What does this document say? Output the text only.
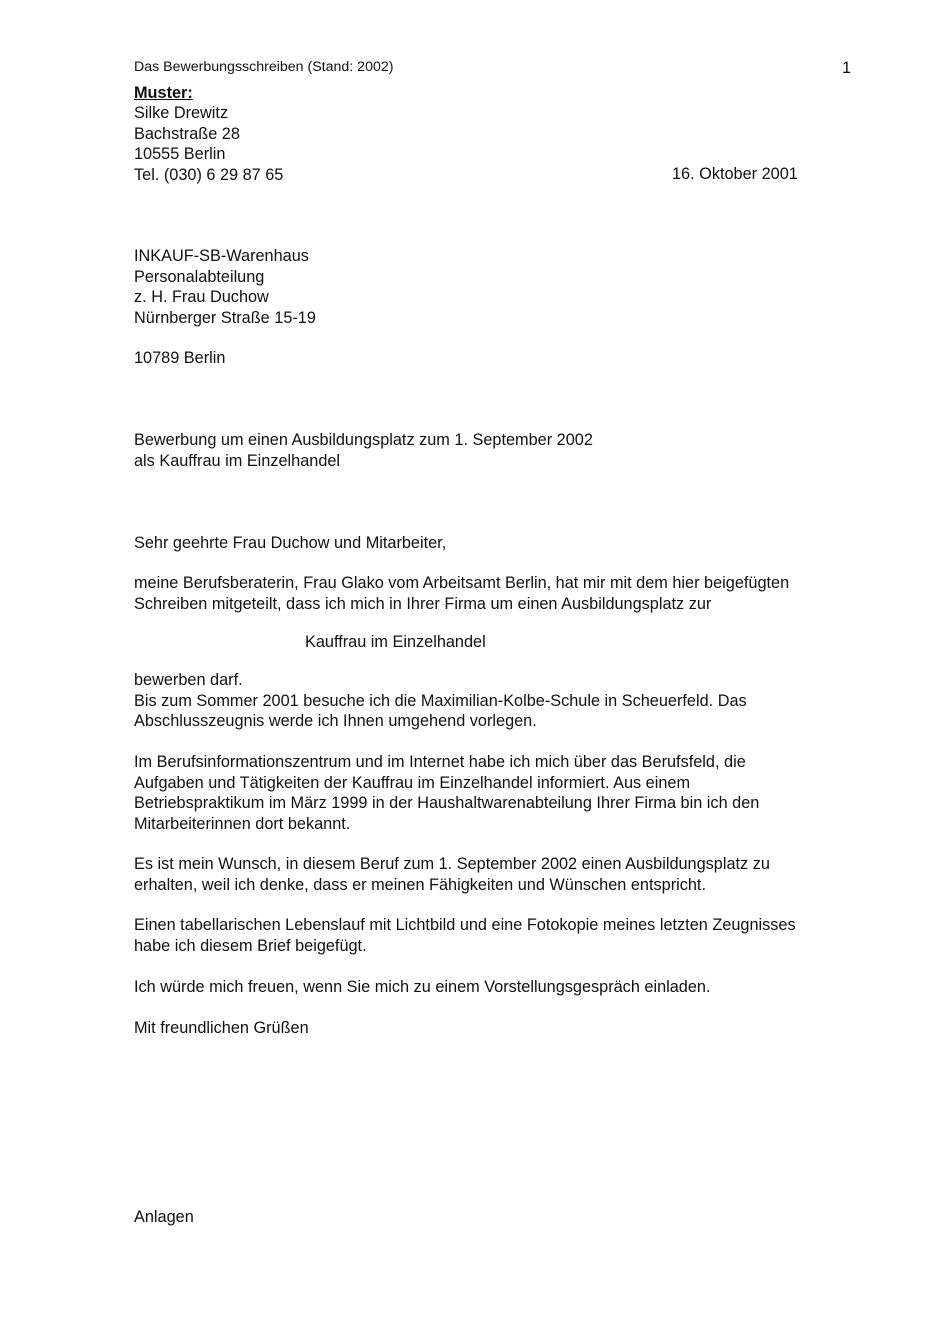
Das Bewerbungsschreiben (Stand: 2002)	1
Muster:
Silke Drewitz
Bachstraße 28
10555 Berlin
Tel. (030) 6 29 87 65	16. Oktober 2001
INKAUF-SB-Warenhaus
Personalabteilung
z. H. Frau Duchow
Nürnberger Straße 15-19
10789 Berlin
Bewerbung um einen Ausbildungsplatz zum 1. September 2002
als Kauffrau im Einzelhandel
Sehr geehrte Frau Duchow und Mitarbeiter,
meine Berufsberaterin, Frau Glako vom Arbeitsamt Berlin, hat mir mit dem hier beigefügten
Schreiben mitgeteilt, dass ich mich in Ihrer Firma um einen Ausbildungsplatz zur
Kauffrau im Einzelhandel
bewerben darf.
Bis zum Sommer 2001 besuche ich die Maximilian-Kolbe-Schule in Scheuerfeld. Das
Abschlusszeugnis werde ich Ihnen umgehend vorlegen.
Im Berufsinformationszentrum und im Internet habe ich mich über das Berufsfeld, die
Aufgaben und Tätigkeiten der Kauffrau im Einzelhandel informiert. Aus einem
Betriebspraktikum im März 1999 in der Haushaltwarenabteilung Ihrer Firma bin ich den
Mitarbeiterinnen dort bekannt.
Es ist mein Wunsch, in diesem Beruf zum 1. September 2002 einen Ausbildungsplatz zu
erhalten, weil ich denke, dass er meinen Fähigkeiten und Wünschen entspricht.
Einen tabellarischen Lebenslauf mit Lichtbild und eine Fotokopie meines letzten Zeugnisses
habe ich diesem Brief beigefügt.
Ich würde mich freuen, wenn Sie mich zu einem Vorstellungsgespräch einladen.
Mit freundlichen Grüßen
Anlagen
